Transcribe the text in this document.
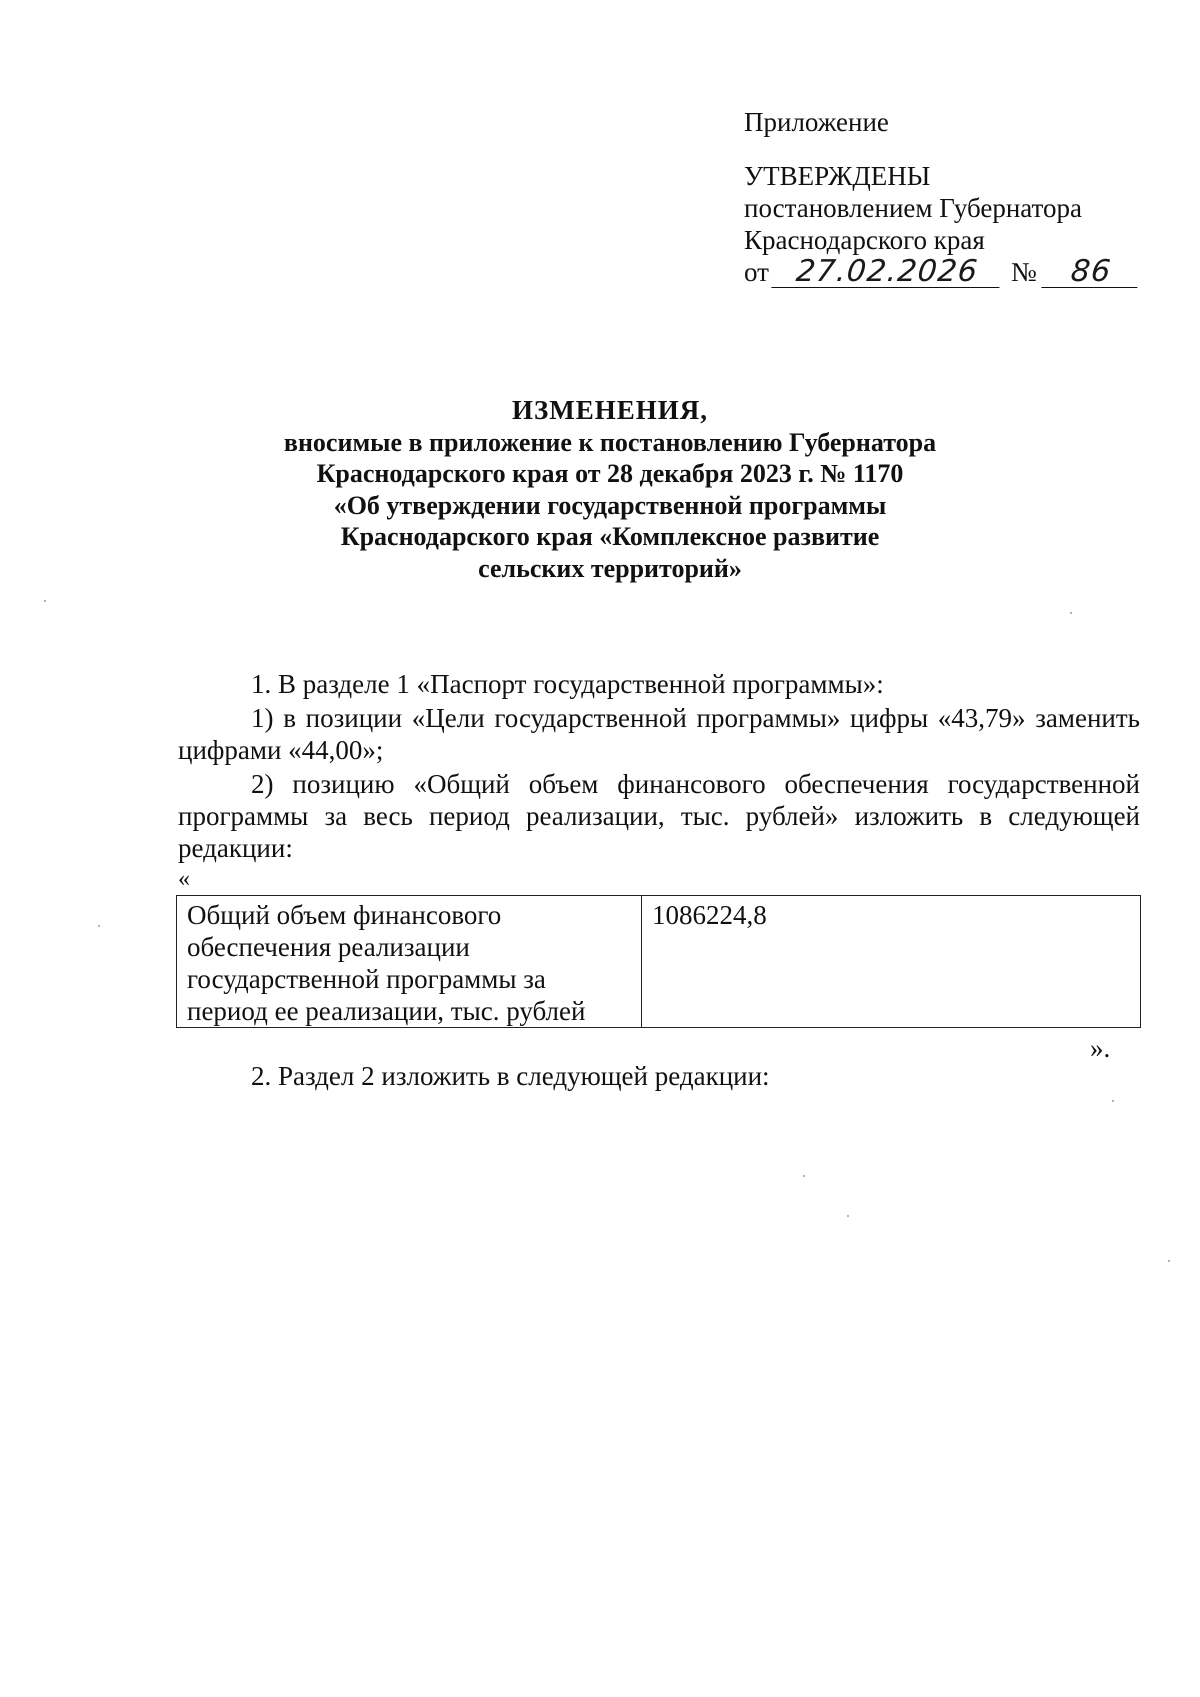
Приложение
УТВЕРЖДЕНЫ
постановлением Губернатора
Краснодарского края
от 27.02.2026	№	86
ИЗМЕНЕНИЯ,
вносимые в приложение к постановлению Губернатора
Краснодарского края от 28 декабря 2023 г. № 1170
«Об утверждении государственной программы
Краснодарского края «Комплексное развитие
сельских территорий»

1. В разделе 1 «Паспорт государственной программы»:

1) в позиции «Цели государственной программы» цифры «43,79» заменить цифрами «44,00»;

2) позицию «Общий объем финансового обеспечения государственной программы за весь период реализации, тыс. рублей» изложить в следующей редакции:

«
Общий объем финансового обеспечения реализации государственной программы за период ее реализации, тыс. рублей	1086224,8
».
2. Раздел 2 изложить в следующей редакции:
